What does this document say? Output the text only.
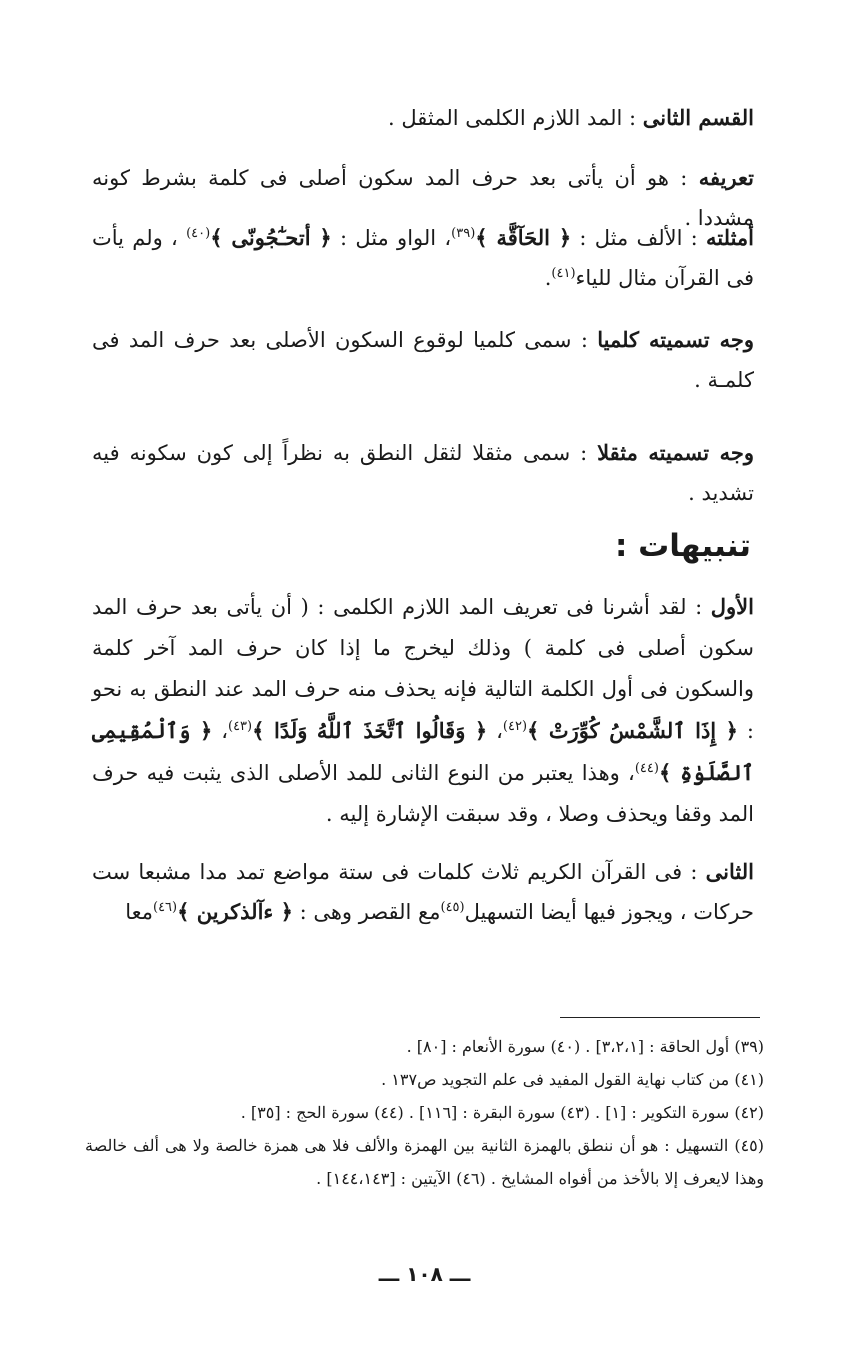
القسم الثانى : المد اللازم الكلمى المثقل .

تعريفه : هو أن يأتى بعد حرف المد سكون أصلى فى كلمة بشرط كونه مشددا .

أمثلته : الألف مثل : ﴿ الحَآقَّة ﴾$^{(٣٩)}$، الواو مثل : ﴿ أتحـٰٓجُونّى ﴾$^{(٤٠)}$ ، ولم يأت فى القرآن مثال للياء$^{(٤١)}$.

وجه تسميته كلميا : سمى كلميا لوقوع السكون الأصلى بعد حرف المد فى كلمـة .

وجه تسميته مثقلا : سمى مثقلا لثقل النطق به نظراً إلى كون سكونه فيه تشديد .

تنبيهات :

الأول : لقد أشرنا فى تعريف المد اللازم الكلمى : ( أن يأتى بعد حرف المد سكون أصلى فى كلمة ) وذلك ليخرج ما إذا كان حرف المد آخر كلمة والسكون فى أول الكلمة التالية فإنه يحذف منه حرف المد عند النطق به نحو : ﴿ إِذَا ٱلشَّمْسُ كُوِّرَتْ ﴾$^{(٤٢)}$، ﴿ وَقَالُوا ٱتَّخَذَ ٱللَّهُ وَلَدًا ﴾$^{(٤٣)}$، ﴿ وَٱلْمُقِيمِى ٱلصَّلَوٰةِ ﴾$^{(٤٤)}$، وهذا يعتبر من النوع الثانى للمد الأصلى الذى يثبت فيه حرف المد وقفا ويحذف وصلا ، وقد سبقت الإشارة إليه .

الثانى : فى القرآن الكريم ثلاث كلمات فى ستة مواضع تمد مدا مشبعا ست حركات ، ويجوز فيها أيضا التسهيل$^{(٤٥)}$مع القصر وهى : ﴿ ءآلذكرين ﴾$^{(٤٦)}$معا

(٣٩) أول الحاقة : [٣،٢،١] . (٤٠) سورة الأنعام : [٨٠] .
(٤١) من كتاب نهاية القول المفيد فى علم التجويد ص١٣٧ .
(٤٢) سورة التكوير : [١] . (٤٣) سورة البقرة : [١١٦] . (٤٤) سورة الحج : [٣٥] .
(٤٥) التسهيل : هو أن ننطق بالهمزة الثانية بين الهمزة والألف فلا هى همزة خالصة ولا هى ألف خالصة وهذا لايعرف إلا بالأخذ من أفواه المشايخ . (٤٦) الآيتين : [١٤٤،١٤٣] .
ـــ ١٠٨ ـــ
